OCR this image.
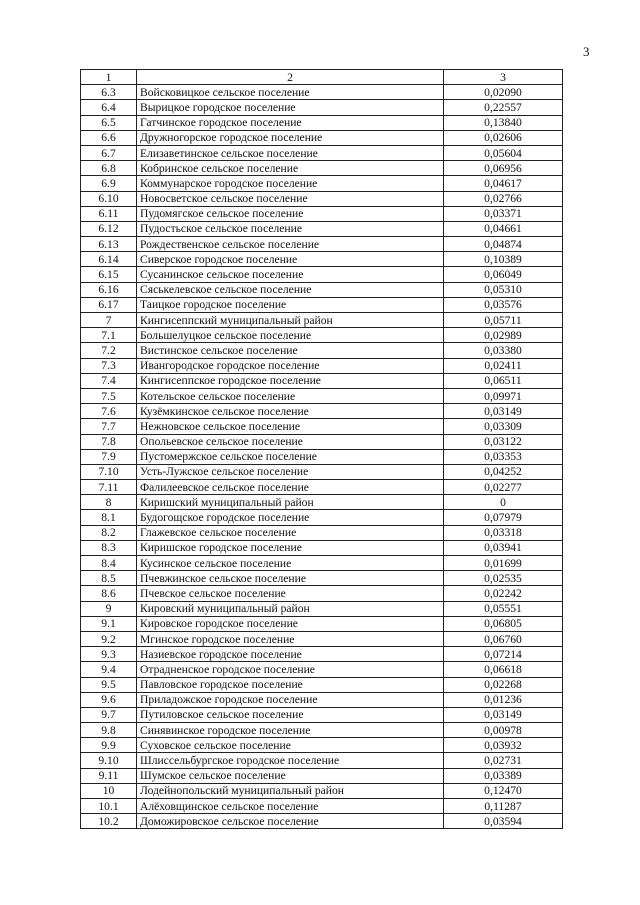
3
1	2	3
6.3	Войсковицкое сельское поселение	0,02090
6.4	Вырицкое городское поселение	0,22557
6.5	Гатчинское городское поселение	0,13840
6.6	Дружногорское городское поселение	0,02606
6.7	Елизаветинское сельское поселение	0,05604
6.8	Кобринское сельское поселение	0,06956
6.9	Коммунарское городское поселение	0,04617
6.10	Новосветское сельское поселение	0,02766
6.11	Пудомягское сельское поселение	0,03371
6.12	Пудостьское сельское поселение	0,04661
6.13	Рождественское сельское поселение	0,04874
6.14	Сиверское городское поселение	0,10389
6.15	Сусанинское сельское поселение	0,06049
6.16	Сяськелевское сельское поселение	0,05310
6.17	Таицкое городское поселение	0,03576
7	Кингисеппский муниципальный район	0,05711
7.1	Большелуцкое сельское поселение	0,02989
7.2	Вистинское сельское поселение	0,03380
7.3	Ивангородское городское поселение	0,02411
7.4	Кингисеппское городское поселение	0,06511
7.5	Котельское сельское поселение	0,09971
7.6	Кузёмкинское сельское поселение	0,03149
7.7	Нежновское сельское поселение	0,03309
7.8	Опольевское сельское поселение	0,03122
7.9	Пустомержское сельское поселение	0,03353
7.10	Усть-Лужское сельское поселение	0,04252
7.11	Фалилеевское сельское поселение	0,02277
8	Киришский муниципальный район	0
8.1	Будогощское городское поселение	0,07979
8.2	Глажевское сельское поселение	0,03318
8.3	Киришское городское поселение	0,03941
8.4	Кусинское сельское поселение	0,01699
8.5	Пчевжинское сельское поселение	0,02535
8.6	Пчевское сельское поселение	0,02242
9	Кировский муниципальный район	0,05551
9.1	Кировское городское поселение	0,06805
9.2	Мгинское городское поселение	0,06760
9.3	Назиевское городское поселение	0,07214
9.4	Отрадненское городское поселение	0,06618
9.5	Павловское городское поселение	0,02268
9.6	Приладожское городское поселение	0,01236
9.7	Путиловское сельское поселение	0,03149
9.8	Синявинское городское поселение	0,00978
9.9	Суховское сельское поселение	0,03932
9.10	Шлиссельбургское городское поселение	0,02731
9.11	Шумское сельское поселение	0,03389
10	Лодейнопольский муниципальный район	0,12470
10.1	Алёховщинское сельское поселение	0,11287
10.2	Доможировское сельское поселение	0,03594
